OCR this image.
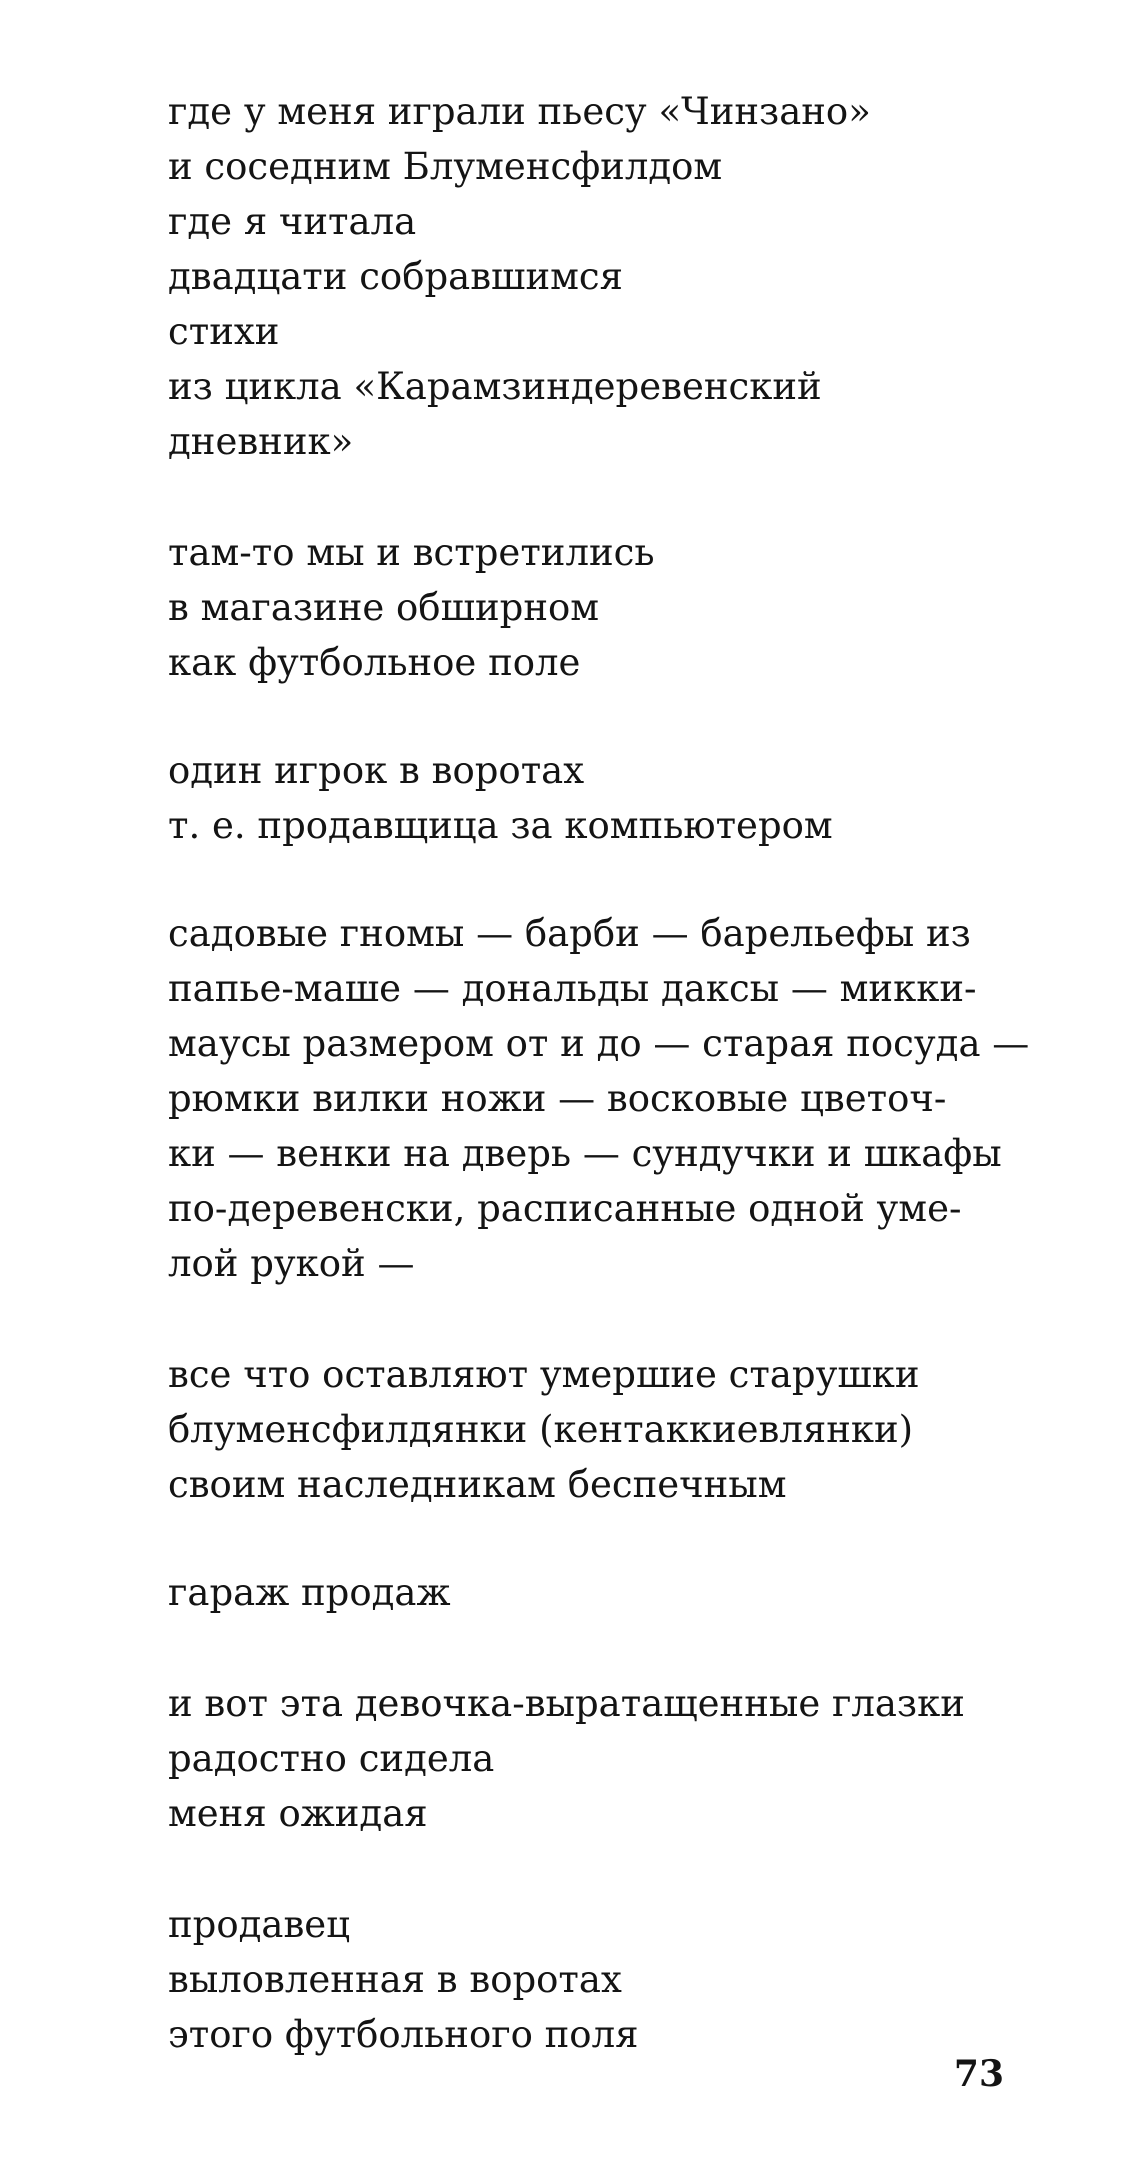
где у меня играли пьесу «Чинзано»
и соседним Блуменсфилдом
где я читала
двадцати собравшимся
стихи
из цикла «Карамзиндеревенский
дневник»
там-то мы и встретились
в магазине обширном
как футбольное поле
один игрок в воротах
т. е. продавщица за компьютером
садовые гномы — барби — барельефы из
папье-маше — дональды даксы — микки-
маусы размером от и до — старая посуда —
рюмки вилки ножи — восковые цветоч-
ки — венки на дверь — сундучки и шкафы
по-деревенски, расписанные одной уме-
лой рукой —
все что оставляют умершие старушки
блуменсфилдянки (кентаккиевлянки)
своим наследникам беспечным
гараж продаж
и вот эта девочка-выратащенные глазки
радостно сидела
меня ожидая
продавец
выловленная в воротах
этого футбольного поля
73
